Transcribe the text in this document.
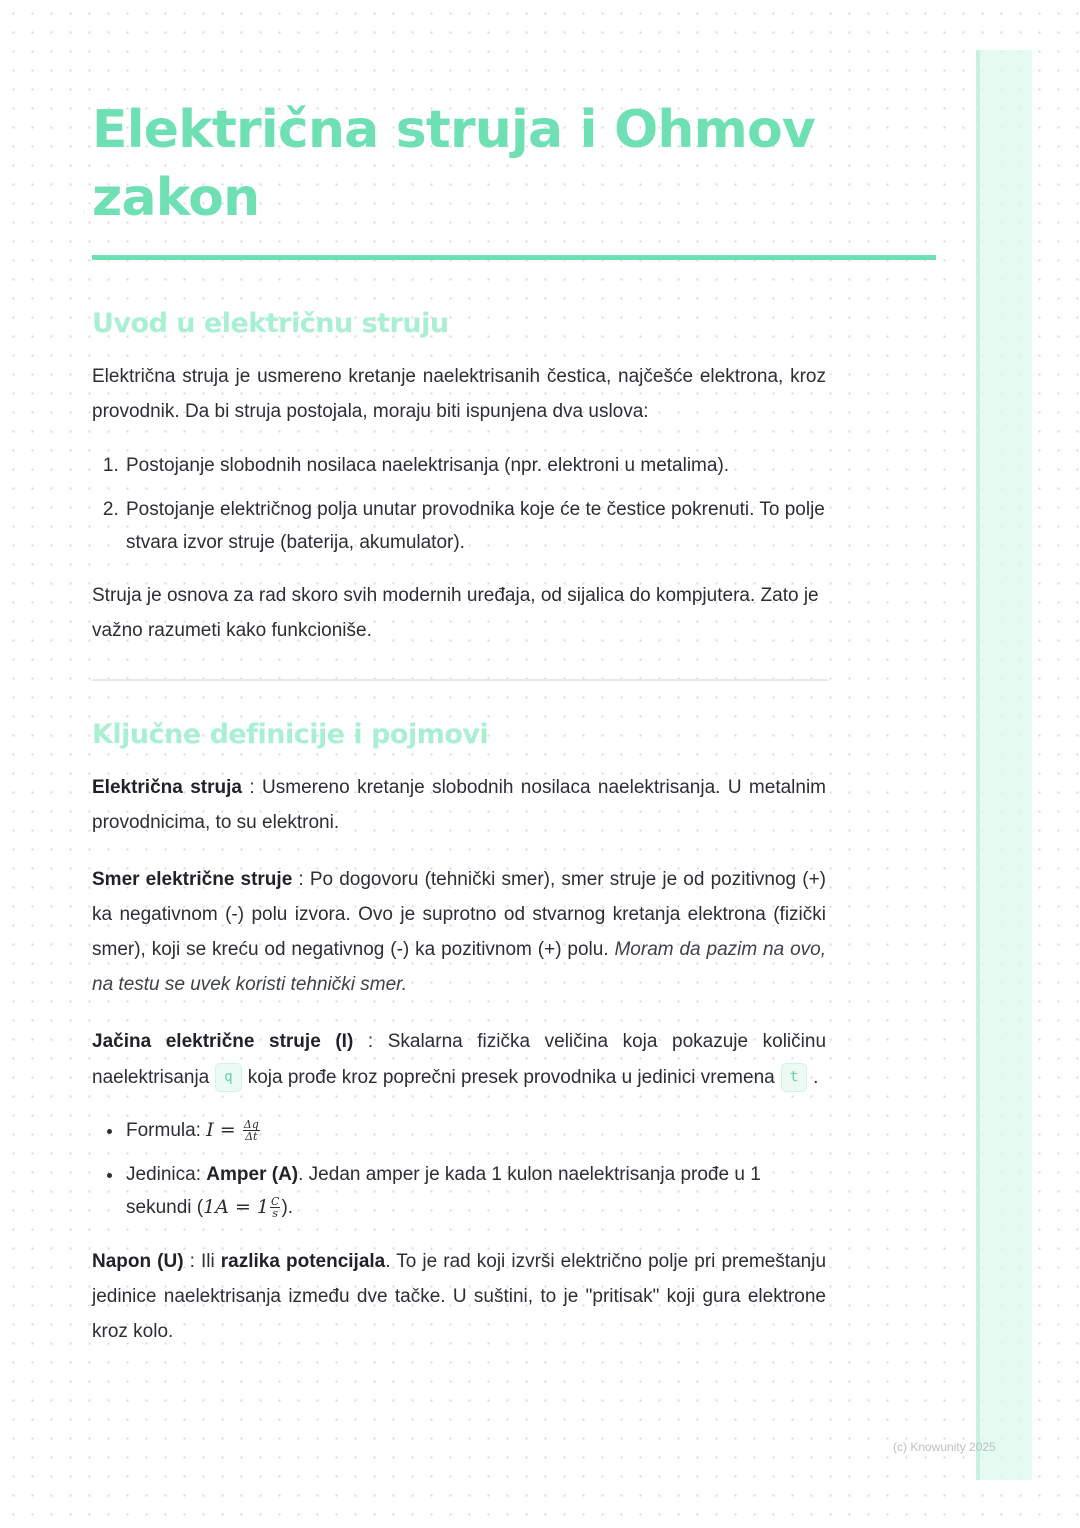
Električna struja i Ohmov zakon
Uvod u električnu struju

Električna struja je usmereno kretanje naelektrisanih čestica, najčešće elektrona, kroz provodnik. Da bi struja postojala, moraju biti ispunjena dva uslova:

1. Postojanje slobodnih nosilaca naelektrisanja (npr. elektroni u metalima).
2. Postojanje električnog polja unutar provodnika koje će te čestice pokrenuti. To polje stvara izvor struje (baterija, akumulator).

Struja je osnova za rad skoro svih modernih uređaja, od sijalica do kompjutera. Zato je važno razumeti kako funkcioniše.

Ključne definicije i pojmovi

Električna struja : Usmereno kretanje slobodnih nosilaca naelektrisanja. U metalnim provodnicima, to su elektroni.

Smer električne struje : Po dogovoru (tehnički smer), smer struje je od pozitivnog (+) ka negativnom (-) polu izvora. Ovo je suprotno od stvarnog kretanja elektrona (fizički smer), koji se kreću od negativnog (-) ka pozitivnom (+) polu. Moram da pazim na ovo, na testu se uvek koristi tehnički smer.

Jačina električne struje (I) : Skalarna fizička veličina koja pokazuje količinu naelektrisanja q koja prođe kroz poprečni presek provodnika u jedinici vremena t .

• Formula: $I = \frac{\Delta q}{\Delta t}$
• Jedinica: Amper (A). Jedan amper je kada 1 kulon naelektrisanja prođe u 1 sekundi ($1A = 1 \frac{C}{s}$ ).

Napon (U) : Ili razlika potencijala. To je rad koji izvrši električno polje pri premeštanju jedinice naelektrisanja između dve tačke. U suštini, to je "pritisak" koji gura elektrone kroz kolo.

(c) Knowunity 2025
